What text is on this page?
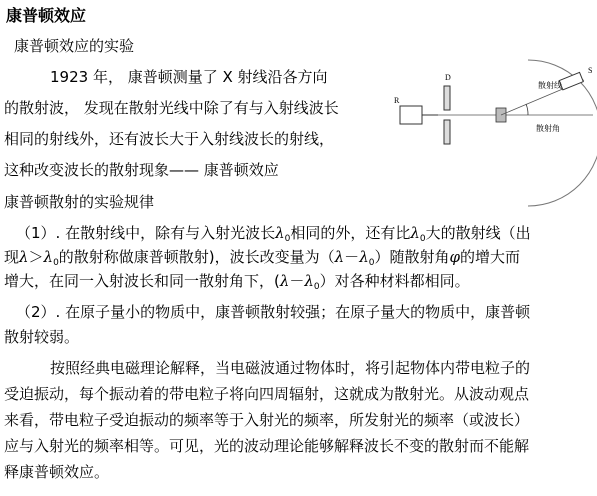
康普顿效应
康普顿效应的实验
1923 年， 康普顿测量了 X 射线沿各方向
的散射波， 发现在散射光线中除了有与入射线波长
相同的射线外，还有波长大于入射线波长的射线，
这种改变波长的散射现象—— 康普顿效应
R
D
S
散射线
散射角
康普顿散射的实验规律
（1）. 在散射线中，除有与入射光波长$\lambda_0$相同的外，还有比$\lambda_0$大的散射线（出
现$\lambda>\lambda_0$的散射称做康普顿散射)，波长改变量为$(\lambda-\lambda_0)$随散射角φ的增大而
增大，在同一入射波长和同一散射角下，$(\lambda-\lambda_0)$对各种材料都相同。
（2）. 在原子量小的物质中，康普顿散射较强；在原子量大的物质中，康普顿
散射较弱。
按照经典电磁理论解释，当电磁波通过物体时，将引起物体内带电粒子的
受迫振动，每个振动着的带电粒子将向四周辐射，这就成为散射光。从波动观点
来看，带电粒子受迫振动的频率等于入射光的频率，所发射光的频率（或波长）
应与入射光的频率相等。可见，光的波动理论能够解释波长不变的散射而不能解
释康普顿效应。
